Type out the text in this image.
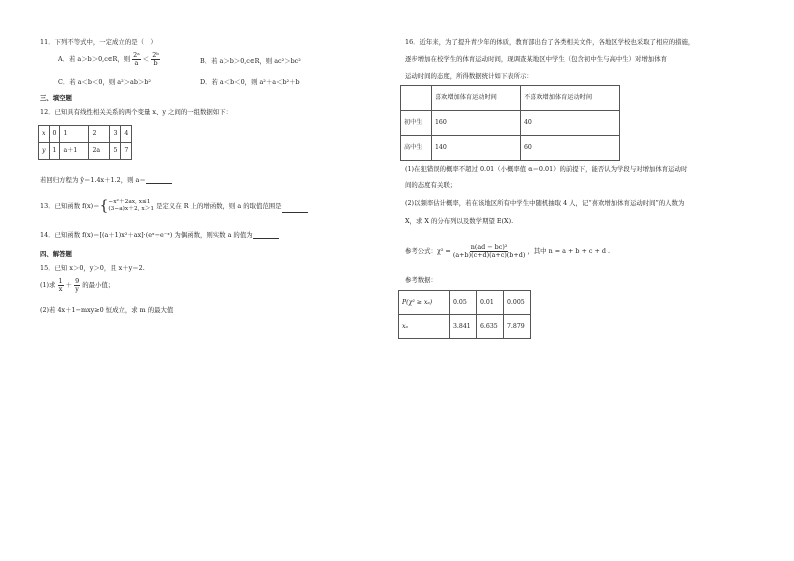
11．下列不等式中，一定成立的是（　）
A．若 a＞b＞0,c∈R，则 $\frac{\text{2ᵃ}}{a} < \frac{\text{2ᵇ}}{b}$	B．若 a＞b＞0,c∈R，则 ac²＞bc²
C．若 a＜b＜0，则 a²＞ab＞b²	D．若 a＜b＜0，则 a²＋a＜b²＋b
三、填空题
12．已知具有线性相关关系的两个变量 x、y 之间的一组数据如下：
x	0	1	2	3	4
y	1	a＋1	2a	5	7
若回归方程为 ŷ＝1.4x＋1.2，则 a＝
13．已知函数 f(x)＝{ −x²＋2ax, x≤1
(3−a)x＋2, x＞1 是定义在 R 上的增函数，则 a 的取值范围是
14．已知函数 f(x)＝[(a＋1)x²＋ax]·(eˣ−e⁻ˣ) 为偶函数，则实数 a 的值为
四、解答题
15．已知 x＞0，y＞0，且 x＋y＝2.
(1)求 $\frac{1}{x} + \frac{9}{y}$ 的最小值；
(2)若 4x＋1−mxy≥0 恒成立，求 m 的最大值
16．近年来，为了提升青少年的体质，教育部出台了各类相关文件，各地区学校也采取了相应的措施，
逐步增加在校学生的体育运动时间，现调查某地区中学生（包含初中生与高中生）对增加体育
运动时间的态度，所得数据统计如下表所示：
	喜欢增加体育运动时间	不喜欢增加体育运动时间
初中生	160	40
高中生	140	60
(1)在犯错误的概率不超过 0.01（小概率值 α＝0.01）的前提下，能否认为学段与对增加体育运动时
间的态度有关联；
(2)以频率估计概率，若在该地区所有中学生中随机抽取 4 人，记“喜欢增加体育运动时间”的人数为
X，求 X 的分布列以及数学期望 E(X).
参考公式：$\chi^2 = \frac{\text{n(ad − bc)²}}{(a+b)(c+d)(a+c)(b+d)}$ ，其中 n = a + b + c + d .
参考数据：
P(χ² ≥ xₐ)	0.05	0.01	0.005
xₐ	3.841	6.635	7.879
